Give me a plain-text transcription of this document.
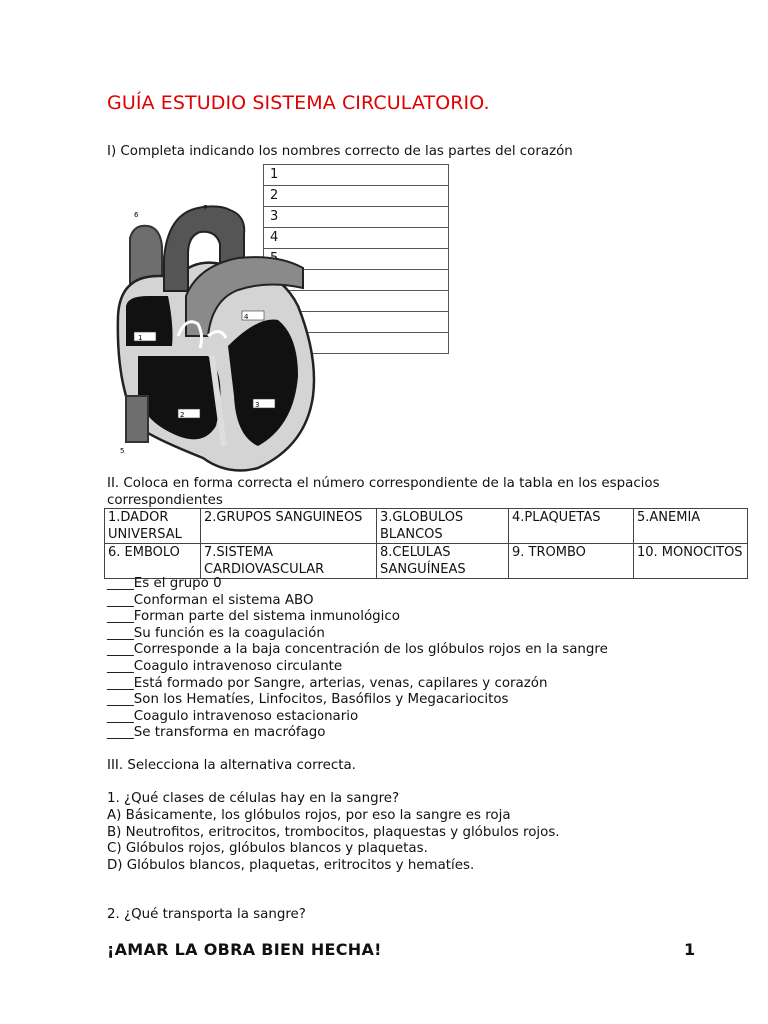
GUÍA ESTUDIO SISTEMA CIRCULATORIO.
I) Completa indicando los nombres correcto de las partes del corazón
1
2
3
4

1
2
3
4
5
6
7
II. Coloca en forma correcta el número correspondiente de la tabla en los espacios correspondientes
1.DADOR UNIVERSAL	2.GRUPOS SANGUINEOS	3.GLOBULOS BLANCOS	4.PLAQUETAS	5.ANEMIA
6. EMBOLO	7.SISTEMA CARDIOVASCULAR	8.CELULAS SANGUÍNEAS	9. TROMBO	10. MONOCITOS
____Es el grupo 0
____Conforman el sistema ABO
____Forman parte del sistema inmunológico
____Su función es la coagulación
____Corresponde a la baja concentración de los glóbulos rojos en la sangre
____Coagulo intravenoso circulante
____Está formado por Sangre, arterias, venas, capilares y corazón
____Son los Hematíes, Linfocitos, Basófilos y Megacariocitos
____Coagulo intravenoso estacionario
____Se transforma en macrófago
III. Selecciona la alternativa correcta.
1. ¿Qué clases de células hay en la sangre?
A) Básicamente, los glóbulos rojos, por eso la sangre es roja
B) Neutrofitos, eritrocitos, trombocitos, plaquestas y glóbulos rojos.
C) Glóbulos rojos, glóbulos blancos y plaquetas.
D) Glóbulos blancos, plaquetas, eritrocitos y hematíes.
2. ¿Qué transporta la sangre?
¡AMAR LA OBRA BIEN HECHA!	1
